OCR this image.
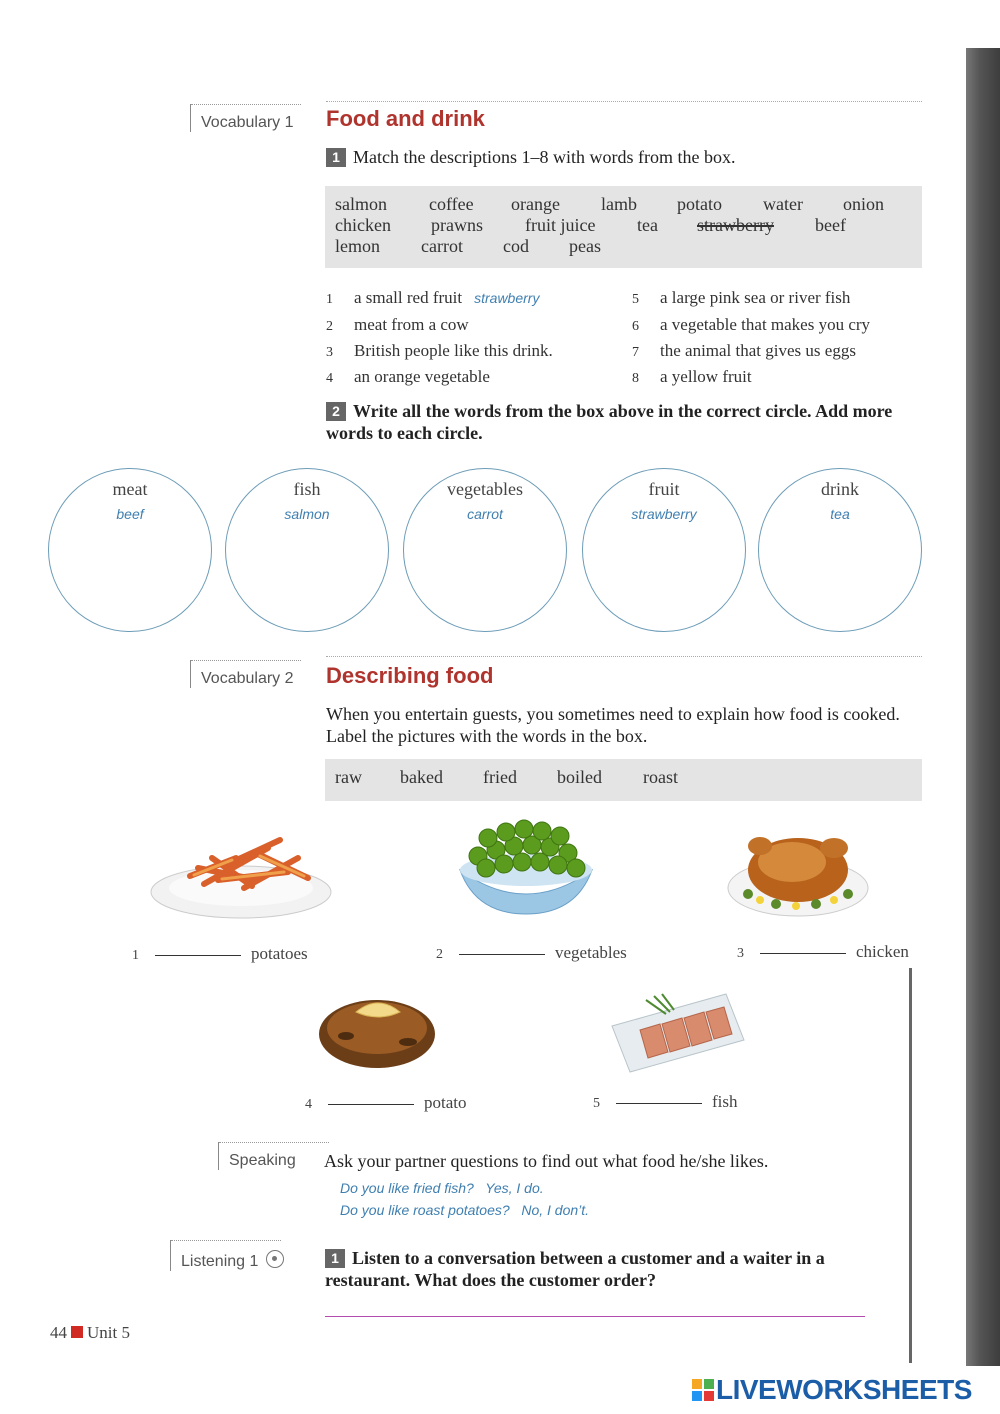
Vocabulary 1 Food and drink
1 Match the descriptions 1–8 with words from the box.
salmon coffee orange lamb potato water onion
chicken prawns fruit juice tea strawberry beef
lemon carrot cod peas
1 a small red fruit strawberry
2 meat from a cow
3 British people like this drink.
4 an orange vegetable
5 a large pink sea or river fish
6 a vegetable that makes you cry
7 the animal that gives us eggs
8 a yellow fruit
2 Write all the words from the box above in the correct circle. Add more words to each circle.
meat
beef
fish
salmon
vegetables
carrot
fruit
strawberry
drink
tea
Vocabulary 2 Describing food
When you entertain guests, you sometimes need to explain how food is cooked. Label the pictures with the words in the box.
raw baked fried boiled roast
1	potatoes	2	vegetables	3	chicken
4	potato	5	fish
Speaking Ask your partner questions to find out what food he/she likes.
Do you like fried fish? Yes, I do.
Do you like roast potatoes? No, I don’t.
Listening 1	1 Listen to a conversation between a customer and a waiter in a restaurant. What does the customer order?
44 Unit 5
LIVEWORKSHEETS
